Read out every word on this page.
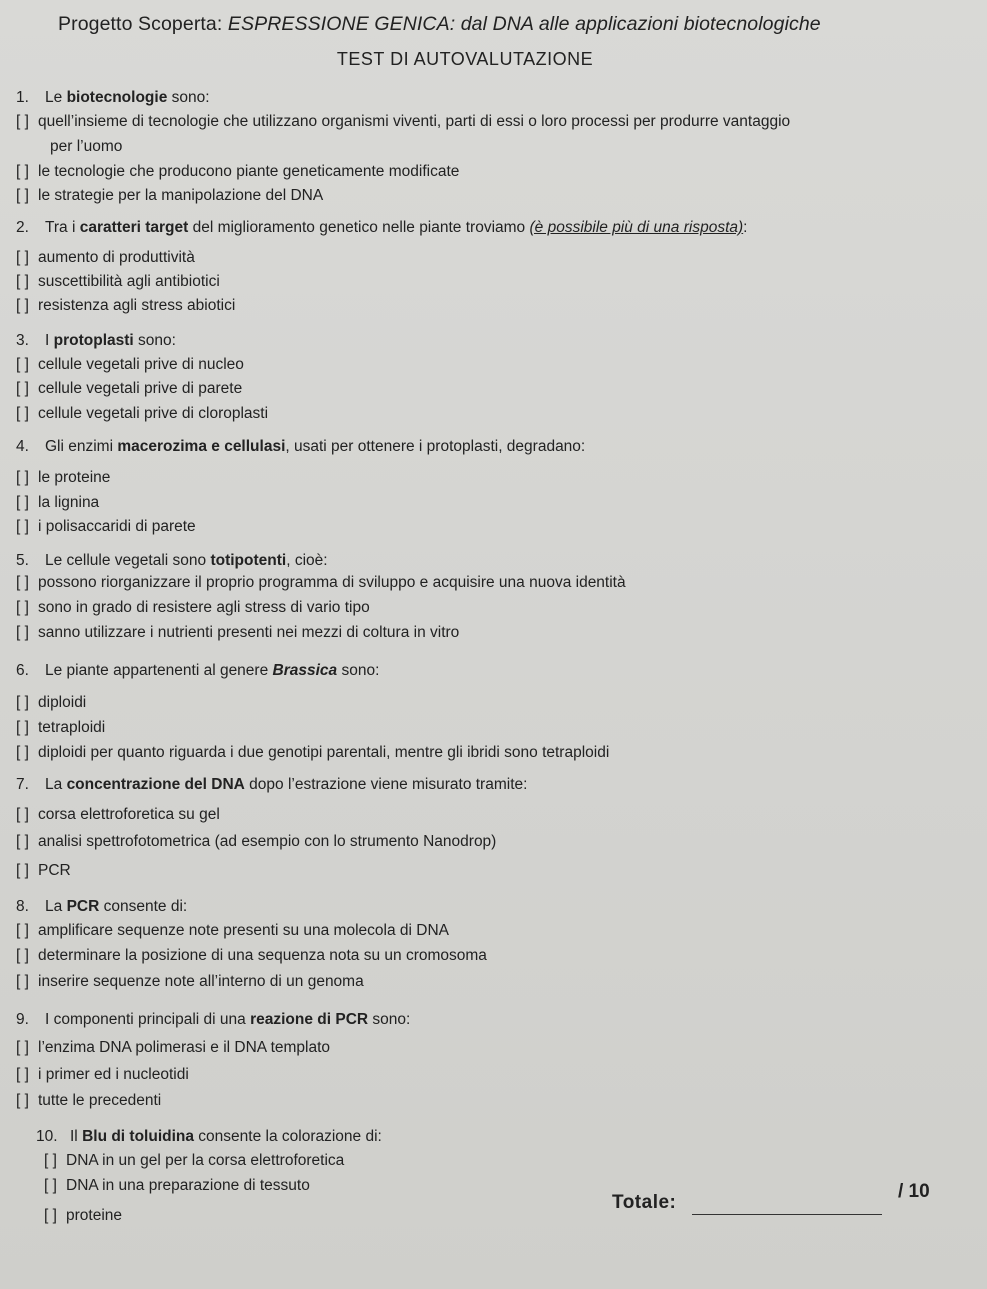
Progetto Scoperta: ESPRESSIONE GENICA: dal DNA alle applicazioni biotecnologiche
TEST DI AUTOVALUTAZIONE
1. Le biotecnologie sono:
[ ] quell’insieme di tecnologie che utilizzano organismi viventi, parti di essi o loro processi per produrre vantaggio
per l’uomo
[ ] le tecnologie che producono piante geneticamente modificate
[ ] le strategie per la manipolazione del DNA
2. Tra i caratteri target del miglioramento genetico nelle piante troviamo (è possibile più di una risposta):
[ ] aumento di produttività
[ ] suscettibilità agli antibiotici
[ ] resistenza agli stress abiotici
3. I protoplasti sono:
[ ] cellule vegetali prive di nucleo
[ ] cellule vegetali prive di parete
[ ] cellule vegetali prive di cloroplasti
4. Gli enzimi macerozima e cellulasi, usati per ottenere i protoplasti, degradano:
[ ] le proteine
[ ] la lignina
[ ] i polisaccaridi di parete
5. Le cellule vegetali sono totipotenti, cioè:
[ ] possono riorganizzare il proprio programma di sviluppo e acquisire una nuova identità
[ ] sono in grado di resistere agli stress di vario tipo
[ ] sanno utilizzare i nutrienti presenti nei mezzi di coltura in vitro
6. Le piante appartenenti al genere Brassica sono:
[ ] diploidi
[ ] tetraploidi
[ ] diploidi per quanto riguarda i due genotipi parentali, mentre gli ibridi sono tetraploidi
7. La concentrazione del DNA dopo l’estrazione viene misurato tramite:
[ ] corsa elettroforetica su gel
[ ] analisi spettrofotometrica (ad esempio con lo strumento Nanodrop)
[ ] PCR
8. La PCR consente di:
[ ] amplificare sequenze note presenti su una molecola di DNA
[ ] determinare la posizione di una sequenza nota su un cromosoma
[ ] inserire sequenze note all’interno di un genoma
9. I componenti principali di una reazione di PCR sono:
[ ] l’enzima DNA polimerasi e il DNA templato
[ ] i primer ed i nucleotidi
[ ] tutte le precedenti
10. Il Blu di toluidina consente la colorazione di:
[ ] DNA in un gel per la corsa elettroforetica
[ ] DNA in una preparazione di tessuto
[ ] proteine
Totale:
/ 10
